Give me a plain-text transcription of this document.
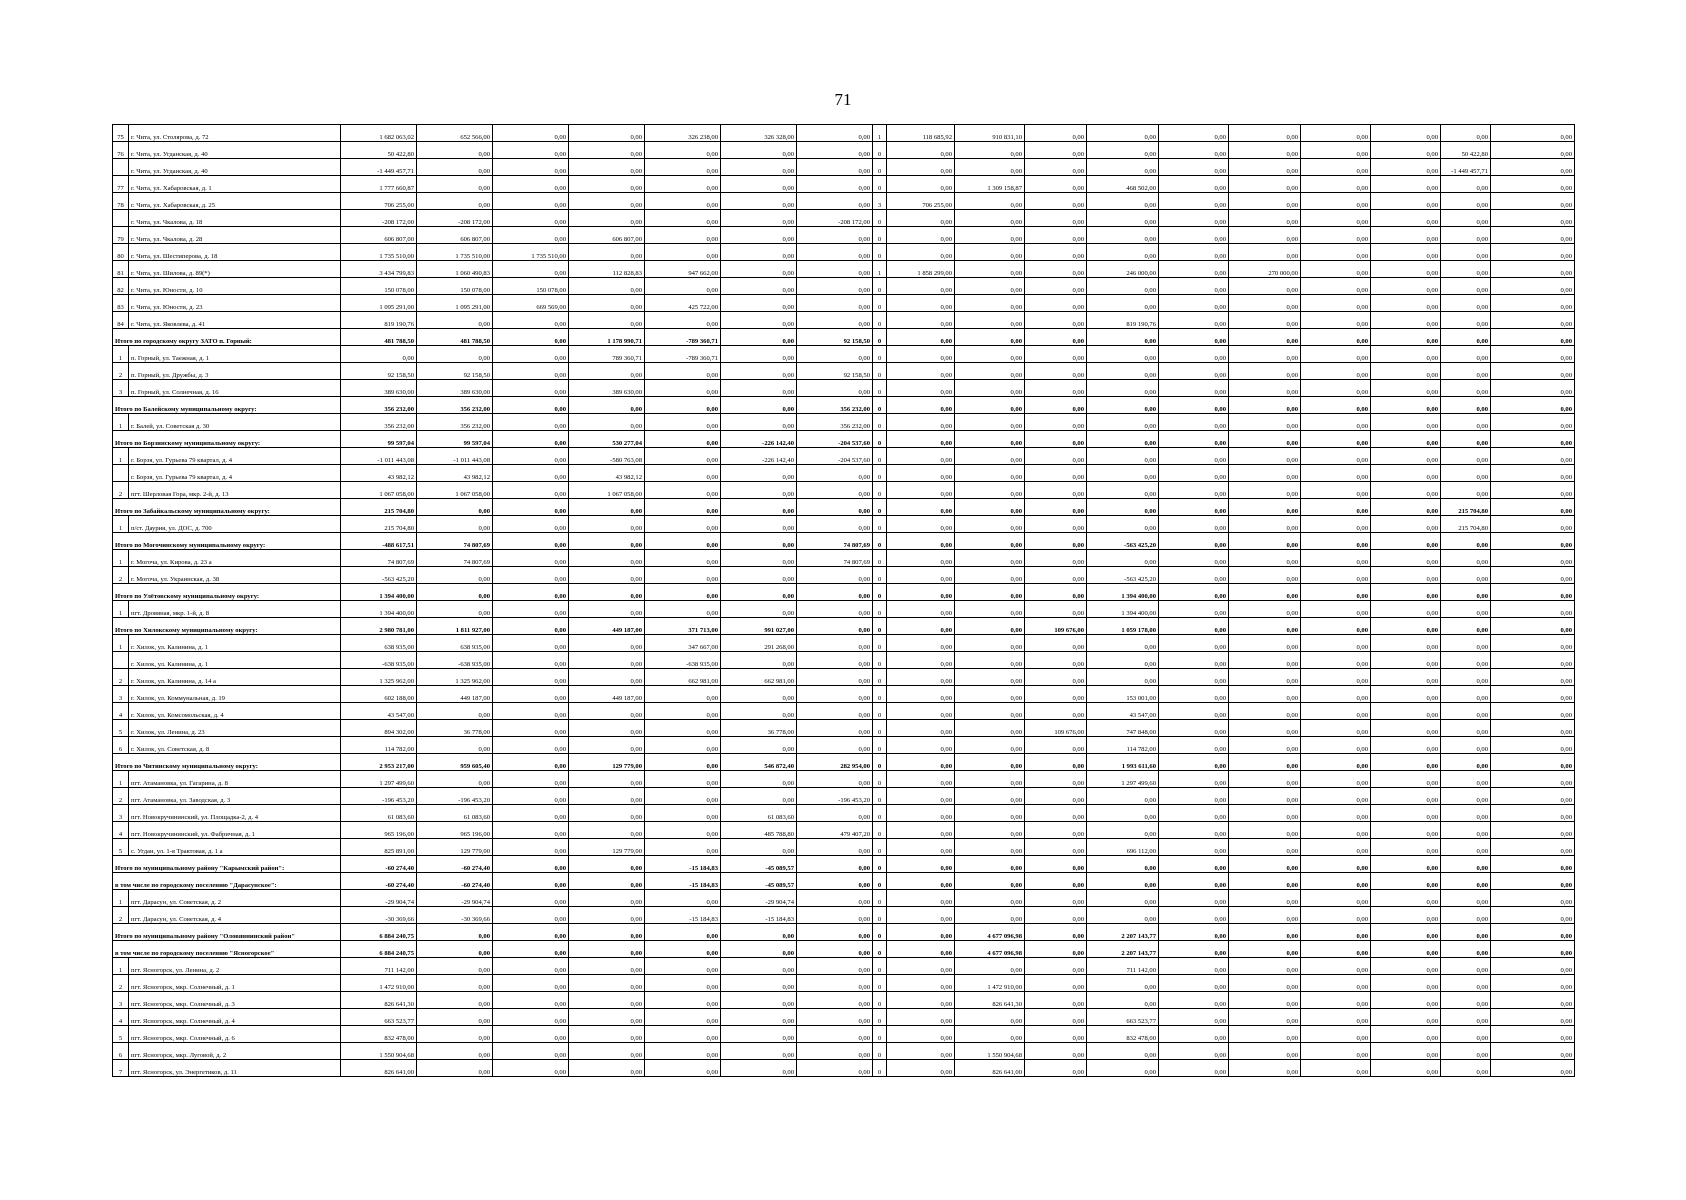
71
75	г. Чита, ул. Столярова, д. 72	1 682 063,02	652 566,00	0,00	0,00	326 238,00	326 328,00	0,00	1	118 685,92	910 831,10	0,00	0,00	0,00	0,00	0,00	0,00	0,00	0,00
76	г. Чита, ул. Угданская, д. 40	50 422,80	0,00	0,00	0,00	0,00	0,00	0,00	0	0,00	0,00	0,00	0,00	0,00	0,00	0,00	0,00	50 422,80	0,00
	г. Чита, ул. Угданская, д. 40	-1 449 457,71	0,00	0,00	0,00	0,00	0,00	0,00	0	0,00	0,00	0,00	0,00	0,00	0,00	0,00	0,00	-1 449 457,71	0,00
77	г. Чита, ул. Хабаровская, д. 1	1 777 660,87	0,00	0,00	0,00	0,00	0,00	0,00	0	0,00	1 309 158,87	0,00	468 502,00	0,00	0,00	0,00	0,00	0,00	0,00
78	г. Чита, ул. Хабаровская, д. 25	706 255,00	0,00	0,00	0,00	0,00	0,00	0,00	3	706 255,00	0,00	0,00	0,00	0,00	0,00	0,00	0,00	0,00	0,00
	г. Чита, ул. Чкалова, д. 18	-208 172,00	-208 172,00	0,00	0,00	0,00	0,00	-208 172,00	0	0,00	0,00	0,00	0,00	0,00	0,00	0,00	0,00	0,00	0,00
79	г. Чита, ул. Чкалова, д. 28	606 807,00	606 807,00	0,00	606 807,00	0,00	0,00	0,00	0	0,00	0,00	0,00	0,00	0,00	0,00	0,00	0,00	0,00	0,00
80	г. Чита, ул. Шестиперова, д. 18	1 735 510,00	1 735 510,00	1 735 510,00	0,00	0,00	0,00	0,00	0	0,00	0,00	0,00	0,00	0,00	0,00	0,00	0,00	0,00	0,00
81	г. Чита, ул. Шилова, д. 89(*)	3 434 799,83	1 060 490,83	0,00	112 828,83	947 662,00	0,00	0,00	1	1 858 299,00	0,00	0,00	246 000,00	0,00	270 000,00	0,00	0,00	0,00	0,00
82	г. Чита, ул. Юности, д. 10	150 078,00	150 078,00	150 078,00	0,00	0,00	0,00	0,00	0	0,00	0,00	0,00	0,00	0,00	0,00	0,00	0,00	0,00	0,00
83	г. Чита, ул. Юности, д. 23	1 095 291,00	1 095 291,00	669 569,00	0,00	425 722,00	0,00	0,00	0	0,00	0,00	0,00	0,00	0,00	0,00	0,00	0,00	0,00	0,00
84	г. Чита, ул. Яковлева, д. 41	819 190,76	0,00	0,00	0,00	0,00	0,00	0,00	0	0,00	0,00	0,00	819 190,76	0,00	0,00	0,00	0,00	0,00	0,00
Итого по городскому округу ЗАТО п. Горный:		481 788,50	481 788,50	0,00	1 178 990,71	-789 360,71	0,00	92 158,50	0	0,00	0,00	0,00	0,00	0,00	0,00	0,00	0,00	0,00	0,00
1	п. Горный, ул. Таежная, д. 1	0,00	0,00	0,00	789 360,71	-789 360,71	0,00	0,00	0	0,00	0,00	0,00	0,00	0,00	0,00	0,00	0,00	0,00	0,00
2	п. Горный, ул. Дружбы, д. 3	92 158,50	92 158,50	0,00	0,00	0,00	0,00	92 158,50	0	0,00	0,00	0,00	0,00	0,00	0,00	0,00	0,00	0,00	0,00
3	п. Горный, ул. Солнечная, д. 16	389 630,00	389 630,00	0,00	389 630,00	0,00	0,00	0,00	0	0,00	0,00	0,00	0,00	0,00	0,00	0,00	0,00	0,00	0,00
Итого по Балейскому муниципальному округу:		356 232,00	356 232,00	0,00	0,00	0,00	0,00	356 232,00	0	0,00	0,00	0,00	0,00	0,00	0,00	0,00	0,00	0,00	0,00
1	г. Балей, ул. Советская д. 30	356 232,00	356 232,00	0,00	0,00	0,00	0,00	356 232,00	0	0,00	0,00	0,00	0,00	0,00	0,00	0,00	0,00	0,00	0,00
Итого по Борзинскому муниципальному округу:		99 597,04	99 597,04	0,00	530 277,04	0,00	-226 142,40	-204 537,60	0	0,00	0,00	0,00	0,00	0,00	0,00	0,00	0,00	0,00	0,00
1	г. Борзя, ул. Гурьева 79 квартал, д. 4	-1 011 443,08	-1 011 443,08	0,00	-580 763,08	0,00	-226 142,40	-204 537,60	0	0,00	0,00	0,00	0,00	0,00	0,00	0,00	0,00	0,00	0,00
	г. Борзя, ул. Гурьева 79 квартал, д. 4	43 982,12	43 982,12	0,00	43 982,12	0,00	0,00	0,00	0	0,00	0,00	0,00	0,00	0,00	0,00	0,00	0,00	0,00	0,00
2	пгт. Шерловая Гора, мкр. 2-й, д. 13	1 067 058,00	1 067 058,00	0,00	1 067 058,00	0,00	0,00	0,00	0	0,00	0,00	0,00	0,00	0,00	0,00	0,00	0,00	0,00	0,00
Итого по Забайкальскому муниципальному округу:		215 704,80	0,00	0,00	0,00	0,00	0,00	0,00	0	0,00	0,00	0,00	0,00	0,00	0,00	0,00	0,00	215 704,80	0,00
1	п/ст. Даурия, ул. ДОС, д. 700	215 704,80	0,00	0,00	0,00	0,00	0,00	0,00	0	0,00	0,00	0,00	0,00	0,00	0,00	0,00	0,00	215 704,80	0,00
Итого по Могочинскому муниципальному округу:		-488 617,51	74 807,69	0,00	0,00	0,00	0,00	74 807,69	0	0,00	0,00	0,00	-563 425,20	0,00	0,00	0,00	0,00	0,00	0,00
1	г. Могоча, ул. Кирова, д. 23 а	74 807,69	74 807,69	0,00	0,00	0,00	0,00	74 807,69	0	0,00	0,00	0,00	0,00	0,00	0,00	0,00	0,00	0,00	0,00
2	г. Могоча, ул. Украинская, д. 38	-563 425,20	0,00	0,00	0,00	0,00	0,00	0,00	0	0,00	0,00	0,00	-563 425,20	0,00	0,00	0,00	0,00	0,00	0,00
Итого по Улётовскому муниципальному округу:		1 394 400,00	0,00	0,00	0,00	0,00	0,00	0,00	0	0,00	0,00	0,00	1 394 400,00	0,00	0,00	0,00	0,00	0,00	0,00
1	пгт. Дровяная, мкр. 1-й, д. 8	1 394 400,00	0,00	0,00	0,00	0,00	0,00	0,00	0	0,00	0,00	0,00	1 394 400,00	0,00	0,00	0,00	0,00	0,00	0,00
Итого по Хилокскому муниципальному округу:		2 980 781,00	1 811 927,00	0,00	449 187,00	371 713,00	991 027,00	0,00	0	0,00	0,00	109 676,00	1 059 178,00	0,00	0,00	0,00	0,00	0,00	0,00
1	г. Хилок, ул. Калинина, д. 1	638 935,00	638 935,00	0,00	0,00	347 667,00	291 268,00	0,00	0	0,00	0,00	0,00	0,00	0,00	0,00	0,00	0,00	0,00	0,00
	г. Хилок, ул. Калинина, д. 1	-638 935,00	-638 935,00	0,00	0,00	-638 935,00	0,00	0,00	0	0,00	0,00	0,00	0,00	0,00	0,00	0,00	0,00	0,00	0,00
2	г. Хилок, ул. Калинина, д. 14 а	1 325 962,00	1 325 962,00	0,00	0,00	662 981,00	662 981,00	0,00	0	0,00	0,00	0,00	0,00	0,00	0,00	0,00	0,00	0,00	0,00
3	г. Хилок, ул. Коммунальная, д. 19	602 188,00	449 187,00	0,00	449 187,00	0,00	0,00	0,00	0	0,00	0,00	0,00	153 001,00	0,00	0,00	0,00	0,00	0,00	0,00
4	г. Хилок, ул. Комсомольская, д. 4	43 547,00	0,00	0,00	0,00	0,00	0,00	0,00	0	0,00	0,00	0,00	43 547,00	0,00	0,00	0,00	0,00	0,00	0,00
5	г. Хилок, ул. Ленина, д. 23	894 302,00	36 778,00	0,00	0,00	0,00	36 778,00	0,00	0	0,00	0,00	109 676,00	747 848,00	0,00	0,00	0,00	0,00	0,00	0,00
6	г. Хилок, ул. Советская, д. 8	114 782,00	0,00	0,00	0,00	0,00	0,00	0,00	0	0,00	0,00	0,00	114 782,00	0,00	0,00	0,00	0,00	0,00	0,00
Итого по Читинскому муниципальному округу:		2 953 217,00	959 605,40	0,00	129 779,00	0,00	546 872,40	282 954,00	0	0,00	0,00	0,00	1 993 611,60	0,00	0,00	0,00	0,00	0,00	0,00
1	пгт. Атамановка, ул. Гагарина, д. 8	1 297 499,60	0,00	0,00	0,00	0,00	0,00	0,00	0	0,00	0,00	0,00	1 297 499,60	0,00	0,00	0,00	0,00	0,00	0,00
2	пгт. Атамановка, ул. Заводская, д. 3	-196 453,20	-196 453,20	0,00	0,00	0,00	0,00	-196 453,20	0	0,00	0,00	0,00	0,00	0,00	0,00	0,00	0,00	0,00	0,00
3	пгт. Новокручининский, ул. Площадка-2, д. 4	61 083,60	61 083,60	0,00	0,00	0,00	61 083,60	0,00	0	0,00	0,00	0,00	0,00	0,00	0,00	0,00	0,00	0,00	0,00
4	пгт. Новокручининский, ул. Фабричная, д. 1	965 196,00	965 196,00	0,00	0,00	0,00	485 788,80	479 407,20	0	0,00	0,00	0,00	0,00	0,00	0,00	0,00	0,00	0,00	0,00
5	с. Угдан, ул. 1-я Трактовая, д. 1 а	825 891,00	129 779,00	0,00	129 779,00	0,00	0,00	0,00	0	0,00	0,00	0,00	696 112,00	0,00	0,00	0,00	0,00	0,00	0,00
Итого по муниципальному району "Карымский район":		-60 274,40	-60 274,40	0,00	0,00	-15 184,83	-45 089,57	0,00	0	0,00	0,00	0,00	0,00	0,00	0,00	0,00	0,00	0,00	0,00
в том числе по городскому поселению "Дарасунское":		-60 274,40	-60 274,40	0,00	0,00	-15 184,83	-45 089,57	0,00	0	0,00	0,00	0,00	0,00	0,00	0,00	0,00	0,00	0,00	0,00
1	пгт. Дарасун, ул. Советская, д. 2	-29 904,74	-29 904,74	0,00	0,00	0,00	-29 904,74	0,00	0	0,00	0,00	0,00	0,00	0,00	0,00	0,00	0,00	0,00	0,00
2	пгт. Дарасун, ул. Советская, д. 4	-30 369,66	-30 369,66	0,00	0,00	-15 184,83	-15 184,83	0,00	0	0,00	0,00	0,00	0,00	0,00	0,00	0,00	0,00	0,00	0,00
Итого по муниципальному району "Оловяннинский район"		6 884 240,75	0,00	0,00	0,00	0,00	0,00	0,00	0	0,00	4 677 096,98	0,00	2 207 143,77	0,00	0,00	0,00	0,00	0,00	0,00
в том числе по городскому поселению "Ясногорское"		6 884 240,75	0,00	0,00	0,00	0,00	0,00	0,00	0	0,00	4 677 096,98	0,00	2 207 143,77	0,00	0,00	0,00	0,00	0,00	0,00
1	пгт. Ясногорск, ул. Ленина, д. 2	711 142,00	0,00	0,00	0,00	0,00	0,00	0,00	0	0,00	0,00	0,00	711 142,00	0,00	0,00	0,00	0,00	0,00	0,00
2	пгт. Ясногорск, мкр. Солнечный, д. 1	1 472 910,00	0,00	0,00	0,00	0,00	0,00	0,00	0	0,00	1 472 910,00	0,00	0,00	0,00	0,00	0,00	0,00	0,00	0,00
3	пгт. Ясногорск, мкр. Солнечный, д. 3	826 641,30	0,00	0,00	0,00	0,00	0,00	0,00	0	0,00	826 641,30	0,00	0,00	0,00	0,00	0,00	0,00	0,00	0,00
4	пгт. Ясногорск, мкр. Солнечный, д. 4	663 523,77	0,00	0,00	0,00	0,00	0,00	0,00	0	0,00	0,00	0,00	663 523,77	0,00	0,00	0,00	0,00	0,00	0,00
5	пгт. Ясногорск, мкр. Солнечный, д. 6	832 478,00	0,00	0,00	0,00	0,00	0,00	0,00	0	0,00	0,00	0,00	832 478,00	0,00	0,00	0,00	0,00	0,00	0,00
6	пгт. Ясногорск, мкр. Луговой, д. 2	1 550 904,68	0,00	0,00	0,00	0,00	0,00	0,00	0	0,00	1 550 904,68	0,00	0,00	0,00	0,00	0,00	0,00	0,00	0,00
7	пгт. Ясногорск, ул. Энергетиков, д. 11	826 641,00	0,00	0,00	0,00	0,00	0,00	0,00	0	0,00	826 641,00	0,00	0,00	0,00	0,00	0,00	0,00	0,00	0,00
